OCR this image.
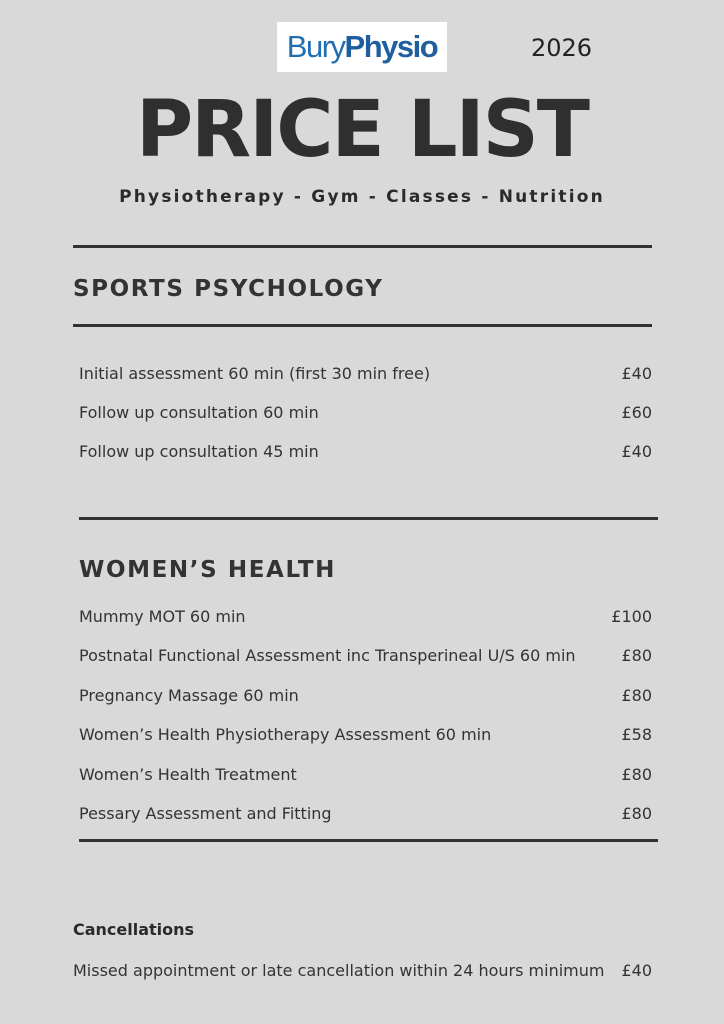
Bury Physio	2026
PRICE LIST
Physiotherapy - Gym - Classes - Nutrition
SPORTS PSYCHOLOGY
Initial assessment 60 min (first 30 min free)	£40
Follow up consultation 60 min	£60
Follow up consultation 45 min	£40
WOMEN’S HEALTH
Mummy MOT 60 min	£100
Postnatal Functional Assessment inc Transperineal U/S 60 min	£80
Pregnancy Massage 60 min	£80
Women’s Health Physiotherapy Assessment 60 min	£58
Women’s Health Treatment	£80
Pessary Assessment and Fitting	£80
Cancellations
Missed appointment or late cancellation within 24 hours minimum £40
